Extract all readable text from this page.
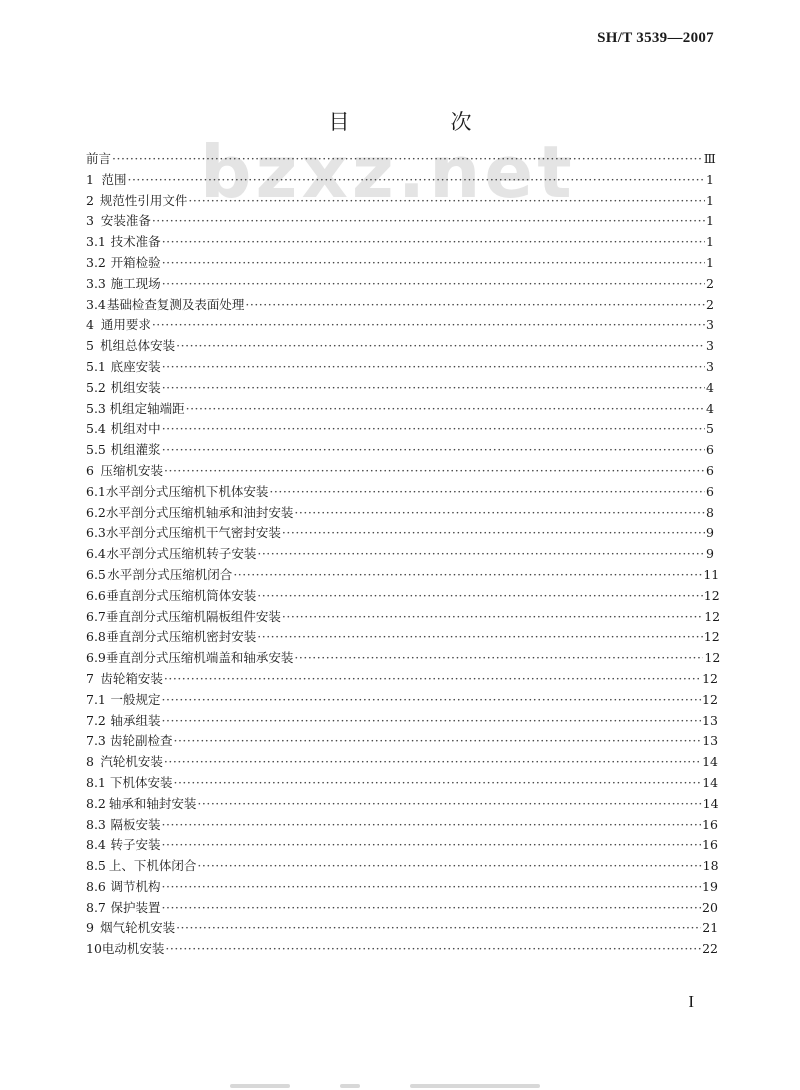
SH/T 3539—2007
bzxz.net
目　次
前言 ·····	Ⅲ
1 范围 ·····	1
2 规范性引用文件 ·····	1
3 安装准备 ·····	1
3.1 技术准备 ·····	1
3.2 开箱检验 ·····	1
3.3 施工现场 ·····	2
3.4 基础检查复测及表面处理 ·····	2
4 通用要求 ·····	3
5 机组总体安装 ·····	3
5.1 底座安装 ·····	3
5.2 机组安装 ·····	4
5.3 机组定轴端距 ·····	4
5.4 机组对中 ·····	5
5.5 机组灌浆 ·····	6
6 压缩机安装 ·····	6
6.1 水平剖分式压缩机下机体安装 ·····	6
6.2 水平剖分式压缩机轴承和油封安装 ·····	8
6.3 水平剖分式压缩机干气密封安装 ·····	9
6.4 水平剖分式压缩机转子安装 ·····	9
6.5 水平剖分式压缩机闭合 ·····	11
6.6 垂直剖分式压缩机筒体安装 ·····	12
6.7 垂直剖分式压缩机隔板组件安装 ·····	12
6.8 垂直剖分式压缩机密封安装 ·····	12
6.9 垂直剖分式压缩机端盖和轴承安装 ·····	12
7 齿轮箱安装 ·····	12
7.1 一般规定 ·····	12
7.2 轴承组装 ·····	13
7.3 齿轮副检查 ·····	13
8 汽轮机安装 ·····	14
8.1 下机体安装 ·····	14
8.2 轴承和轴封安装 ·····	14
8.3 隔板安装 ·····	16
8.4 转子安装 ·····	16
8.5 上、下机体闭合 ·····	18
8.6 调节机构 ·····	19
8.7 保护装置 ·····	20
9 烟气轮机安装 ·····	21
10 电动机安装 ·····	22
I
